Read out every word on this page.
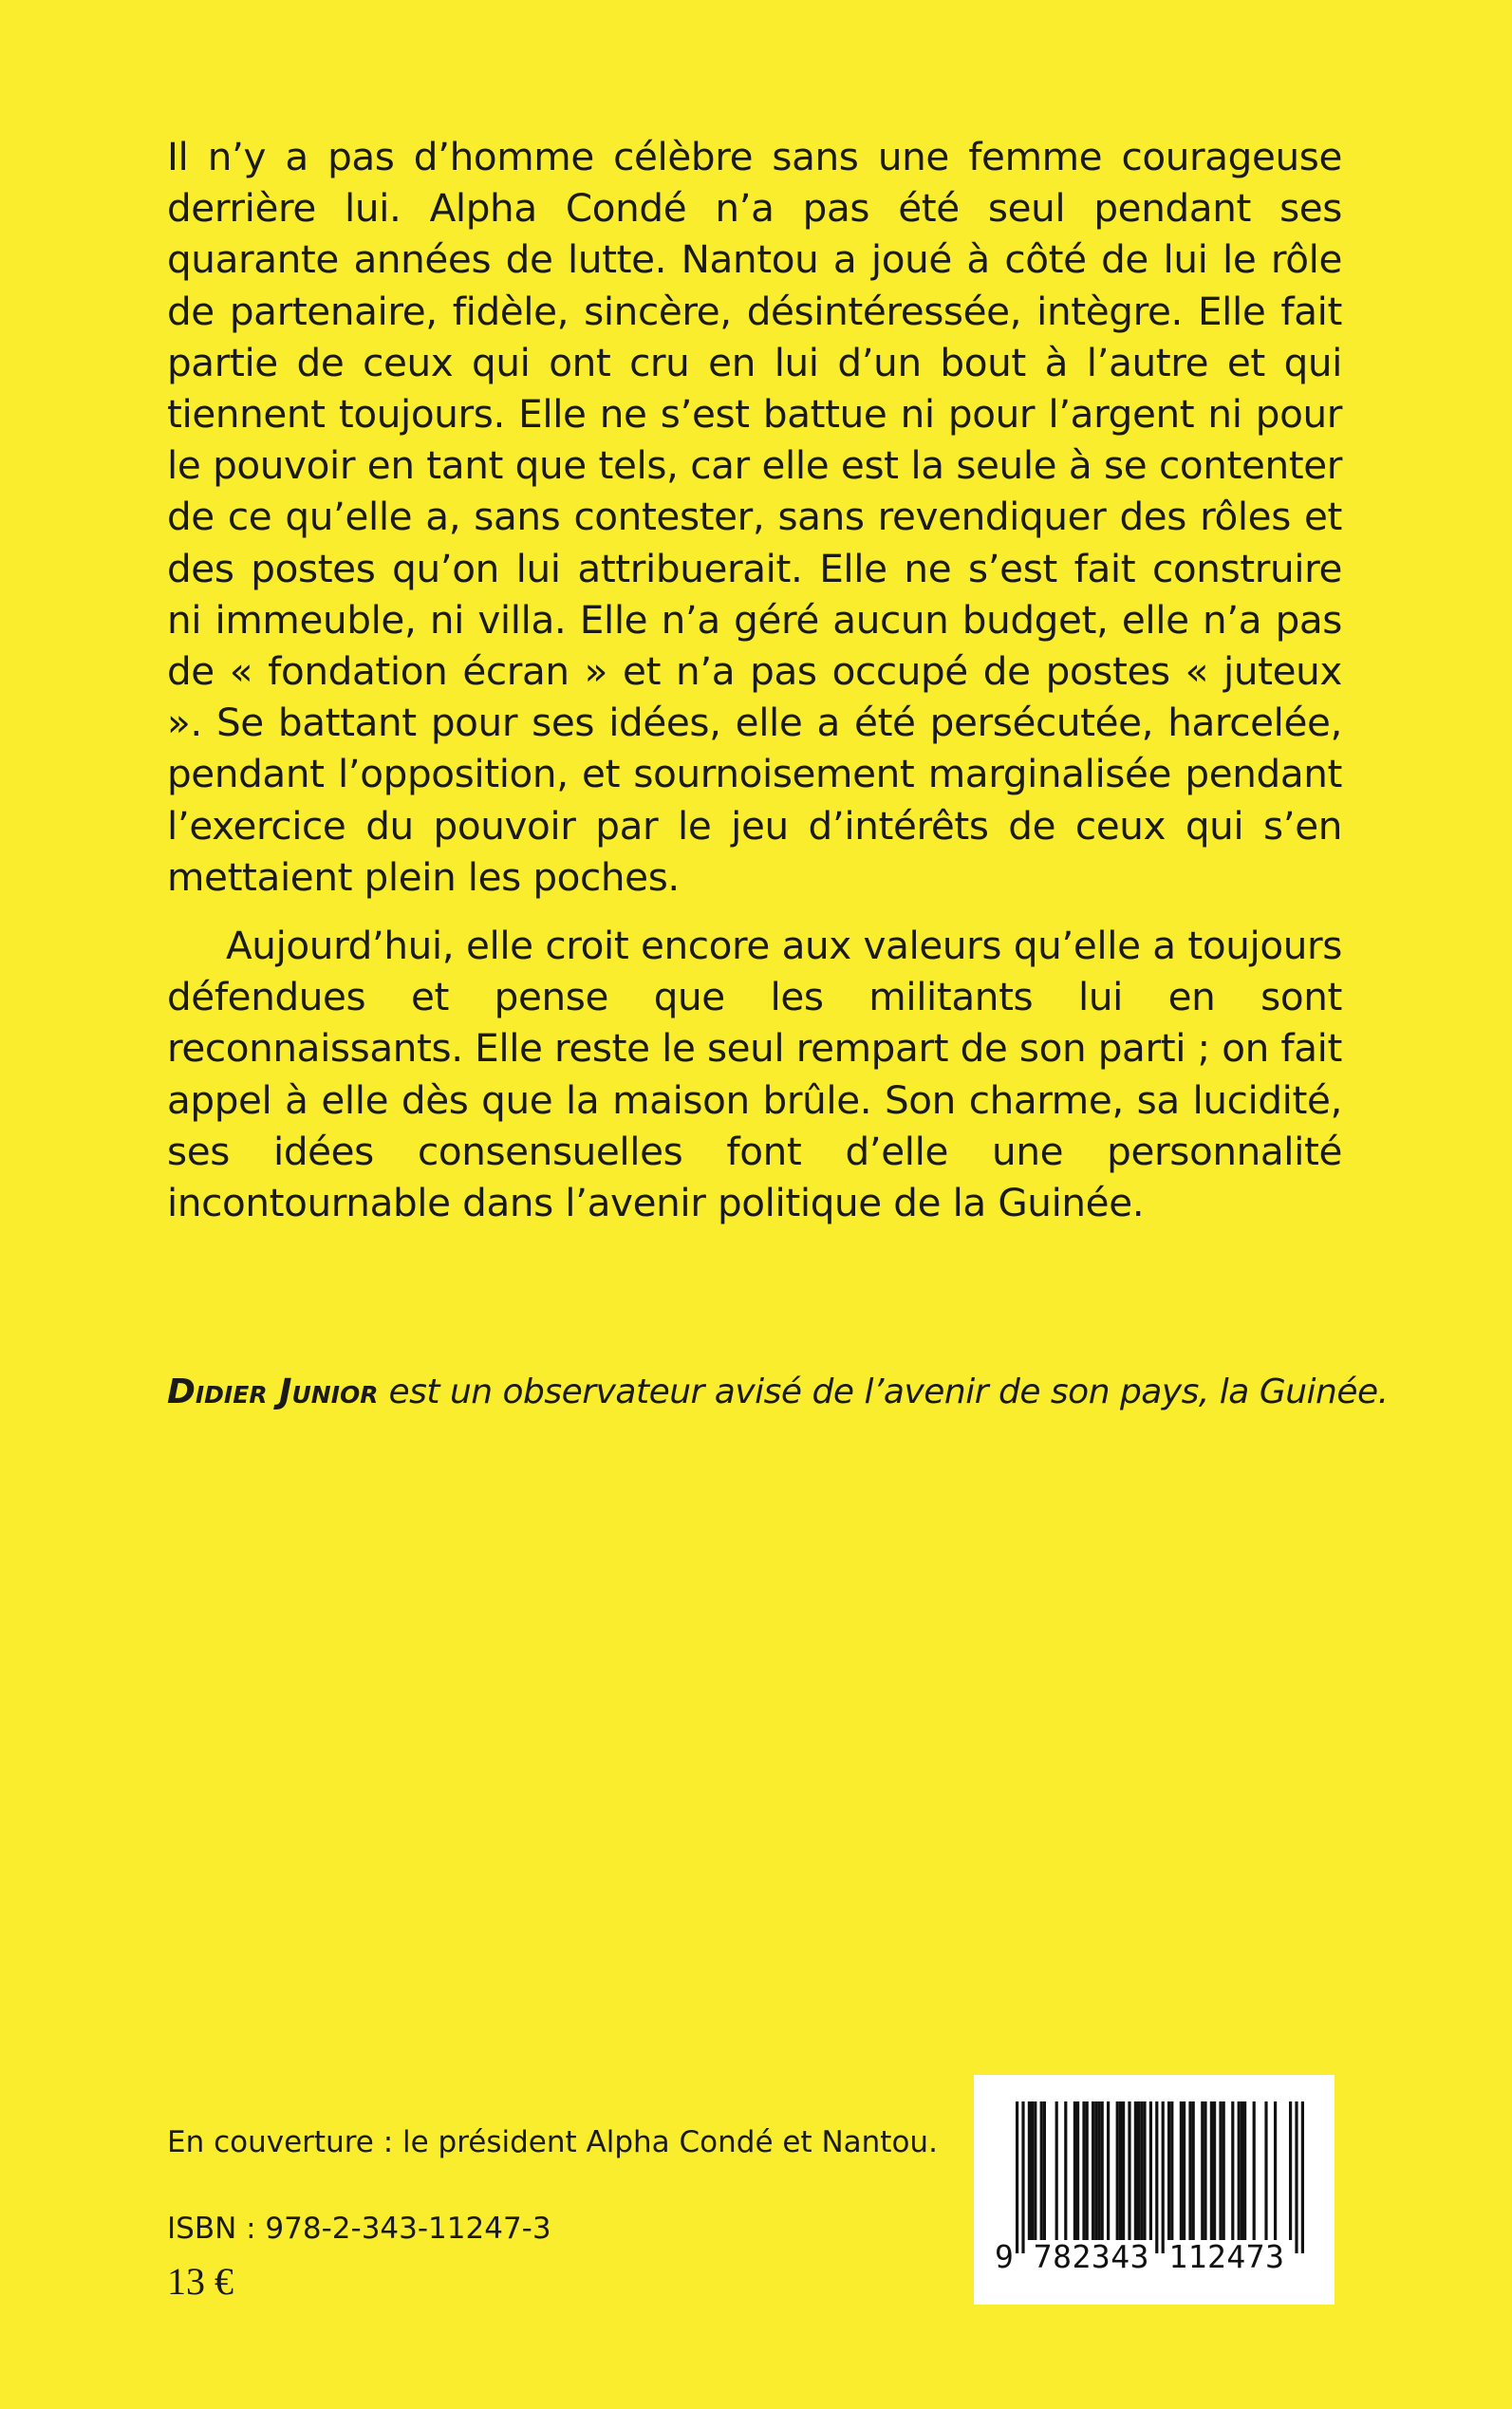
Il n’y a pas d’homme célèbre sans une femme courageuse derrière lui. Alpha Condé n’a pas été seul pendant ses quarante années de lutte. Nantou a joué à côté de lui le rôle de partenaire, fidèle, sincère, désintéressée, intègre. Elle fait partie de ceux qui ont cru en lui d’un bout à l’autre et qui tiennent toujours. Elle ne s’est battue ni pour l’argent ni pour le pouvoir en tant que tels, car elle est la seule à se contenter de ce qu’elle a, sans contester, sans revendiquer des rôles et des postes qu’on lui attribuerait. Elle ne s’est fait construire ni immeuble, ni villa. Elle n’a géré aucun budget, elle n’a pas de « fondation écran » et n’a pas occupé de postes « juteux ». Se battant pour ses idées, elle a été persécutée, harcelée, pendant l’opposition, et sournoisement marginalisée pendant l’exercice du pouvoir par le jeu d’intérêts de ceux qui s’en mettaient plein les poches.

Aujourd’hui, elle croit encore aux valeurs qu’elle a toujours défendues et pense que les militants lui en sont reconnaissants. Elle reste le seul rempart de son parti ; on fait appel à elle dès que la maison brûle. Son charme, sa lucidité, ses idées consensuelles font d’elle une personnalité incontournable dans l’avenir politique de la Guinée.

Didier Junior est un observateur avisé de l’avenir de son pays, la Guinée.
En couverture : le président Alpha Condé et Nantou.
ISBN : 978-2-343-11247-3
13 €
9 782343 112473
